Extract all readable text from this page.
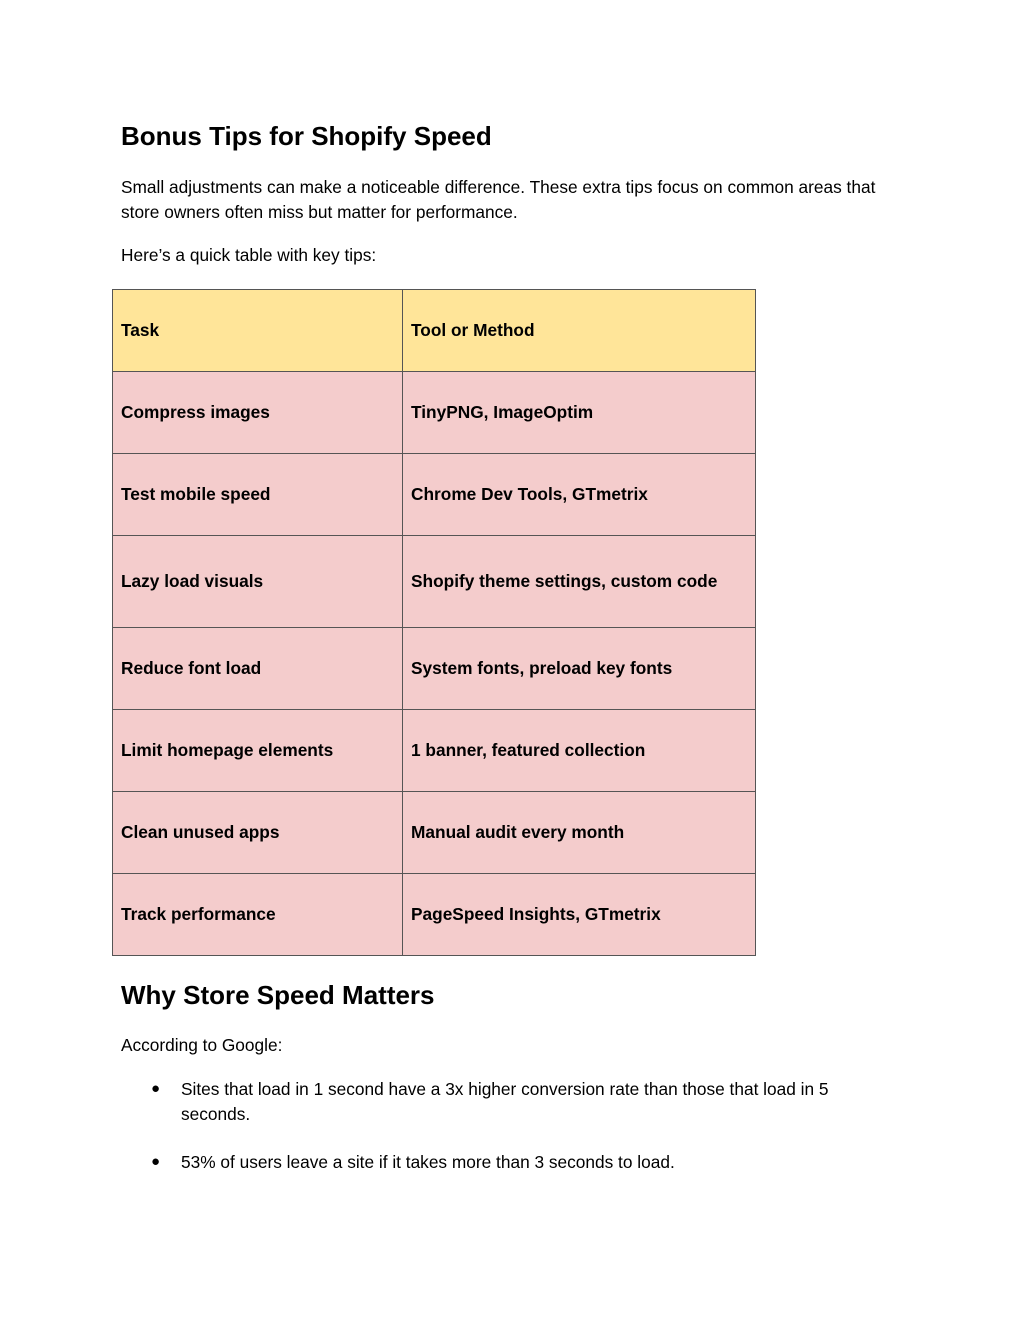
Bonus Tips for Shopify Speed

Small adjustments can make a noticeable difference. These extra tips focus on common areas that store owners often miss but matter for performance.

Here’s a quick table with key tips:

Task	Tool or Method
Compress images	TinyPNG, ImageOptim
Test mobile speed	Chrome Dev Tools, GTmetrix
Lazy load visuals	Shopify theme settings, custom code
Reduce font load	System fonts, preload key fonts
Limit homepage elements	1 banner, featured collection
Clean unused apps	Manual audit every month
Track performance	PageSpeed Insights, GTmetrix
Why Store Speed Matters

According to Google:

● Sites that load in 1 second have a 3x higher conversion rate than those that load in 5 seconds.
● 53% of users leave a site if it takes more than 3 seconds to load.
